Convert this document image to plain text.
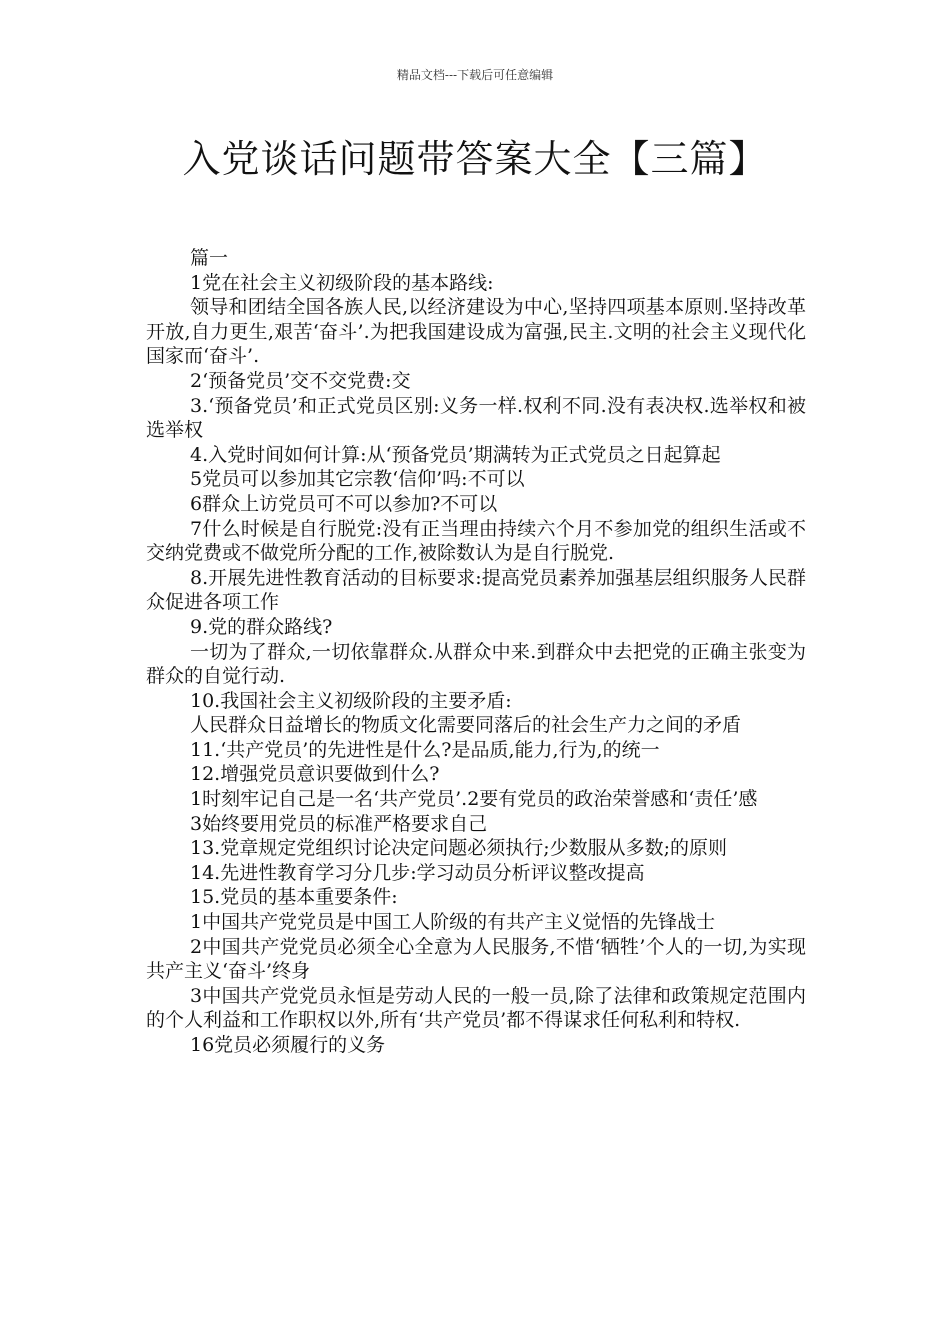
精品文档---下载后可任意编辑
入党谈话问题带答案大全【三篇】

篇一

1党在社会主义初级阶段的基本路线:

领导和团结全国各族人民,以经济建设为中心,坚持四项基本原则.坚持改革开放,自力更生,艰苦‘奋斗’.为把我国建设成为富强,民主.文明的社会主义现代化国家而‘奋斗’.

2‘预备党员’交不交党费:交

3.‘预备党员’和正式党员区别:义务一样.权利不同.没有表决权.选举权和被选举权

4.入党时间如何计算:从‘预备党员’期满转为正式党员之日起算起

5党员可以参加其它宗教‘信仰’吗:不可以

6群众上访党员可不可以参加?不可以

7什么时候是自行脱党:没有正当理由持续六个月不参加党的组织生活或不交纳党费或不做党所分配的工作,被除数认为是自行脱党.

8.开展先进性教育活动的目标要求:提高党员素养加强基层组织服务人民群众促进各项工作

9.党的群众路线?

一切为了群众,一切依靠群众.从群众中来.到群众中去把党的正确主张变为群众的自觉行动.

10.我国社会主义初级阶段的主要矛盾:

人民群众日益增长的物质文化需要同落后的社会生产力之间的矛盾

11.‘共产党员’的先进性是什么?是品质,能力,行为,的统一

12.增强党员意识要做到什么?

1时刻牢记自己是一名‘共产党员’.2要有党员的政治荣誉感和‘责任’感

3始终要用党员的标准严格要求自己

13.党章规定党组织讨论决定问题必须执行;少数服从多数;的原则

14.先进性教育学习分几步:学习动员分析评议整改提高

15.党员的基本重要条件:

1中国共产党党员是中国工人阶级的有共产主义觉悟的先锋战士

2中国共产党党员必须全心全意为人民服务,不惜‘牺牲’个人的一切,为实现共产主义‘奋斗’终身

3中国共产党党员永恒是劳动人民的一般一员,除了法律和政策规定范围内的个人利益和工作职权以外,所有‘共产党员’都不得谋求任何私利和特权.

16党员必须履行的义务
